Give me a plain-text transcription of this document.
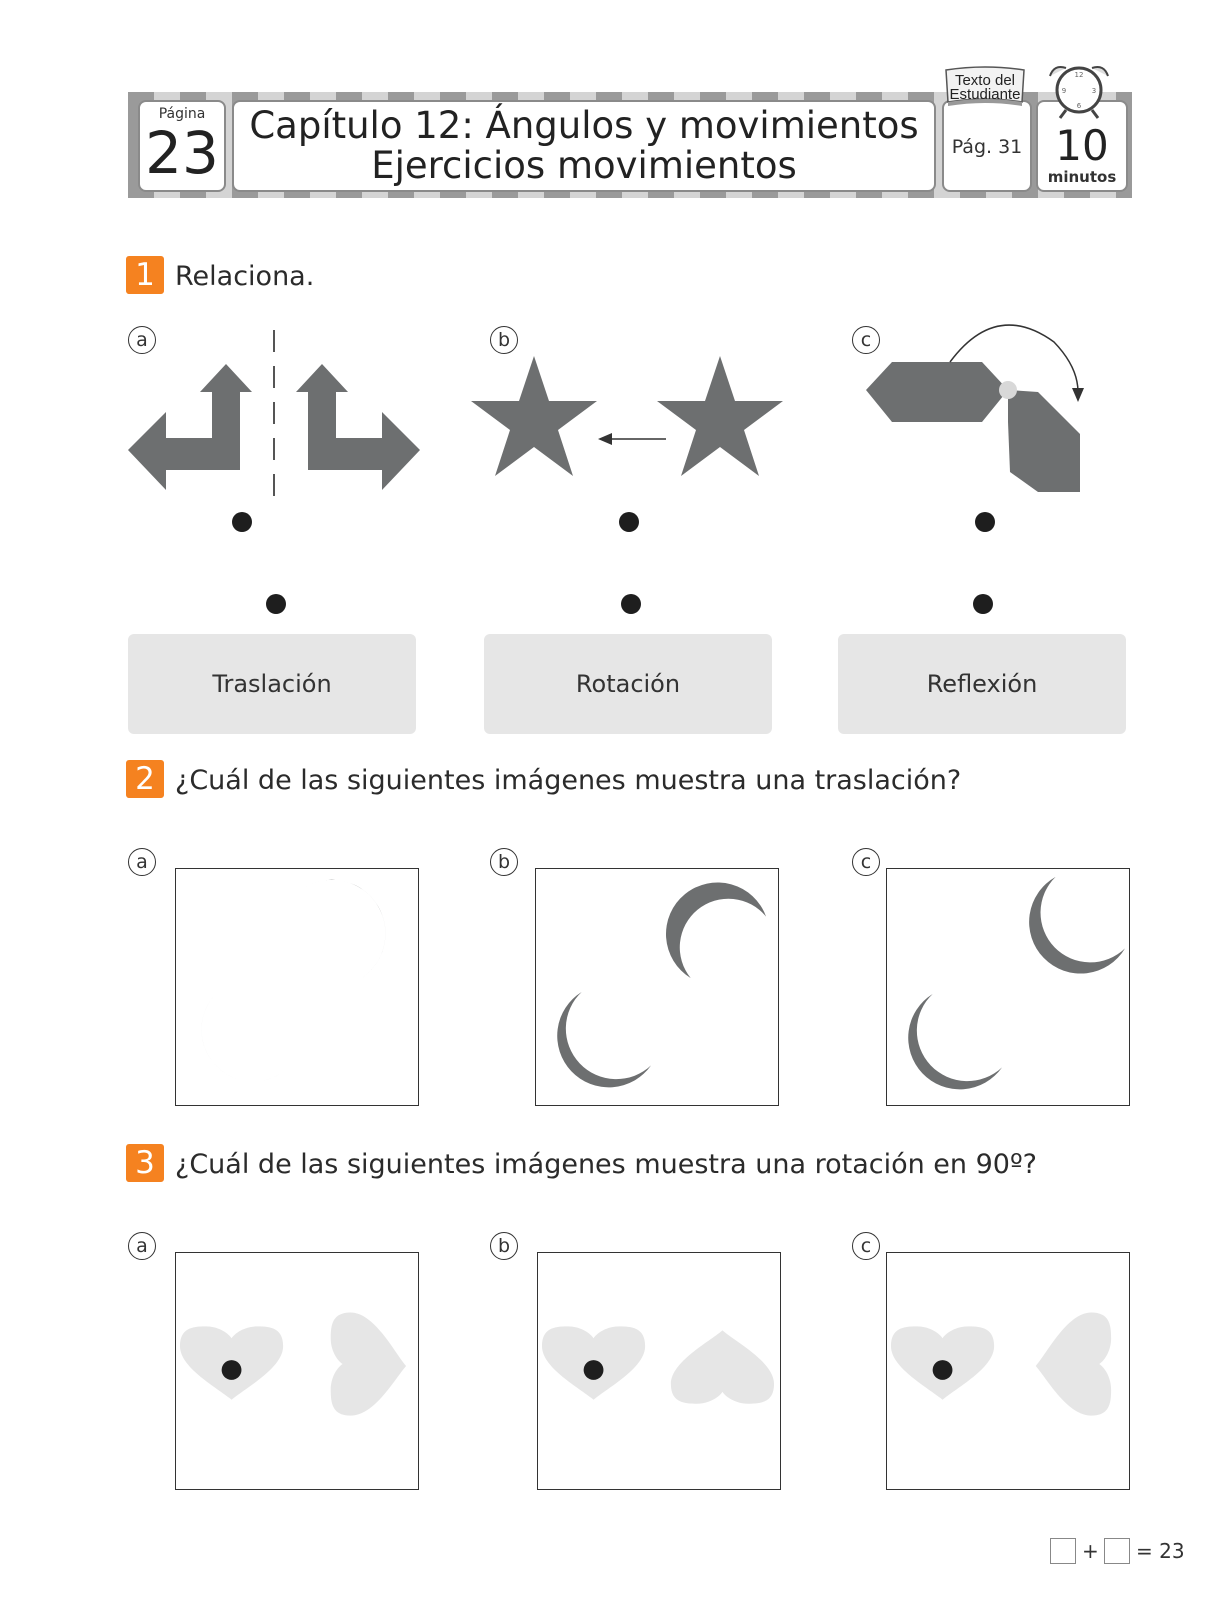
Página
23 Capítulo 12: Ángulos y movimientos
Ejercicios movimientos	Pág. 31
Texto del
Estudiante
10
minutos
12
3
6
9
1 Relaciona.
a	b	c
Traslación	Rotación	Reflexión
2 ¿Cuál de las siguientes imágenes muestra una traslación?
a	b	c
3 ¿Cuál de las siguientes imágenes muestra una rotación en 90º?
a	b	c
+ = 23
